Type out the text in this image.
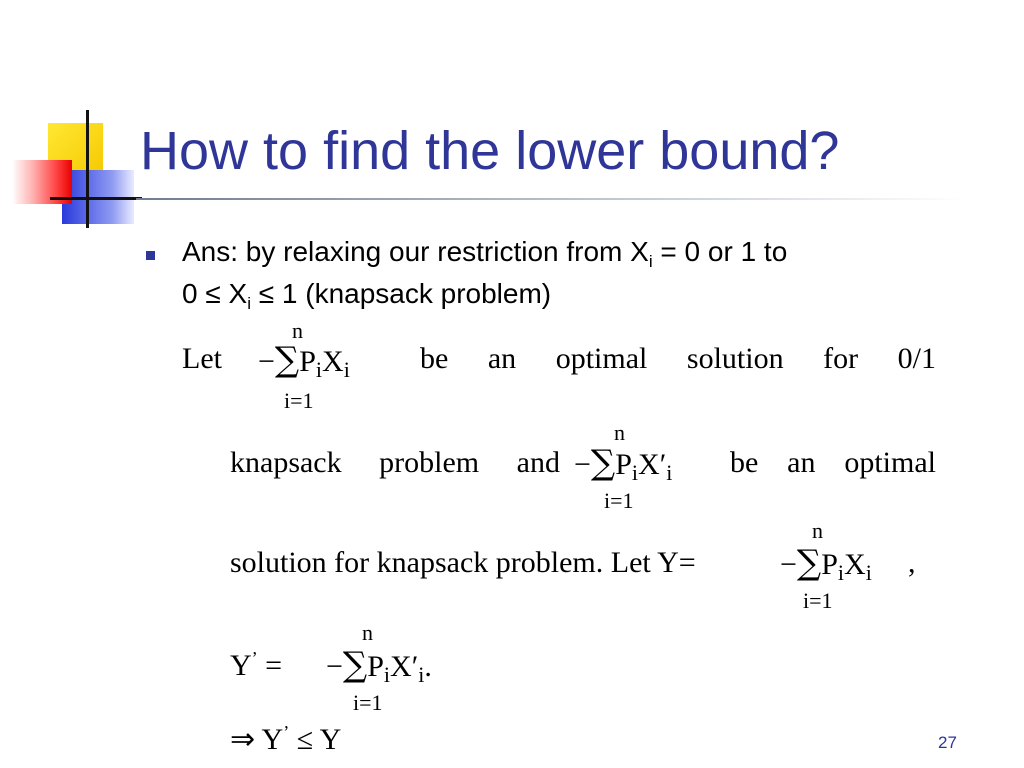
How to find the lower bound?
Ans: by relaxing our restriction from $X_i = 0$ or 1 to
$0 \le X_i \le 1$ (knapsack problem)
Let
n
i=1
$-\sum P_iX_i$ be an optimal solution for 0/1
knapsack problem and
n
i=1
$-\sum P_iX'_i$ be an optimal
solution for knapsack problem. Let Y=
n
i=1
$-\sum P_iX_i$ ,
Y’ =
n
i=1
$-\sum P_iX'_i$.
⇒ Y’ ≤ Y	27
